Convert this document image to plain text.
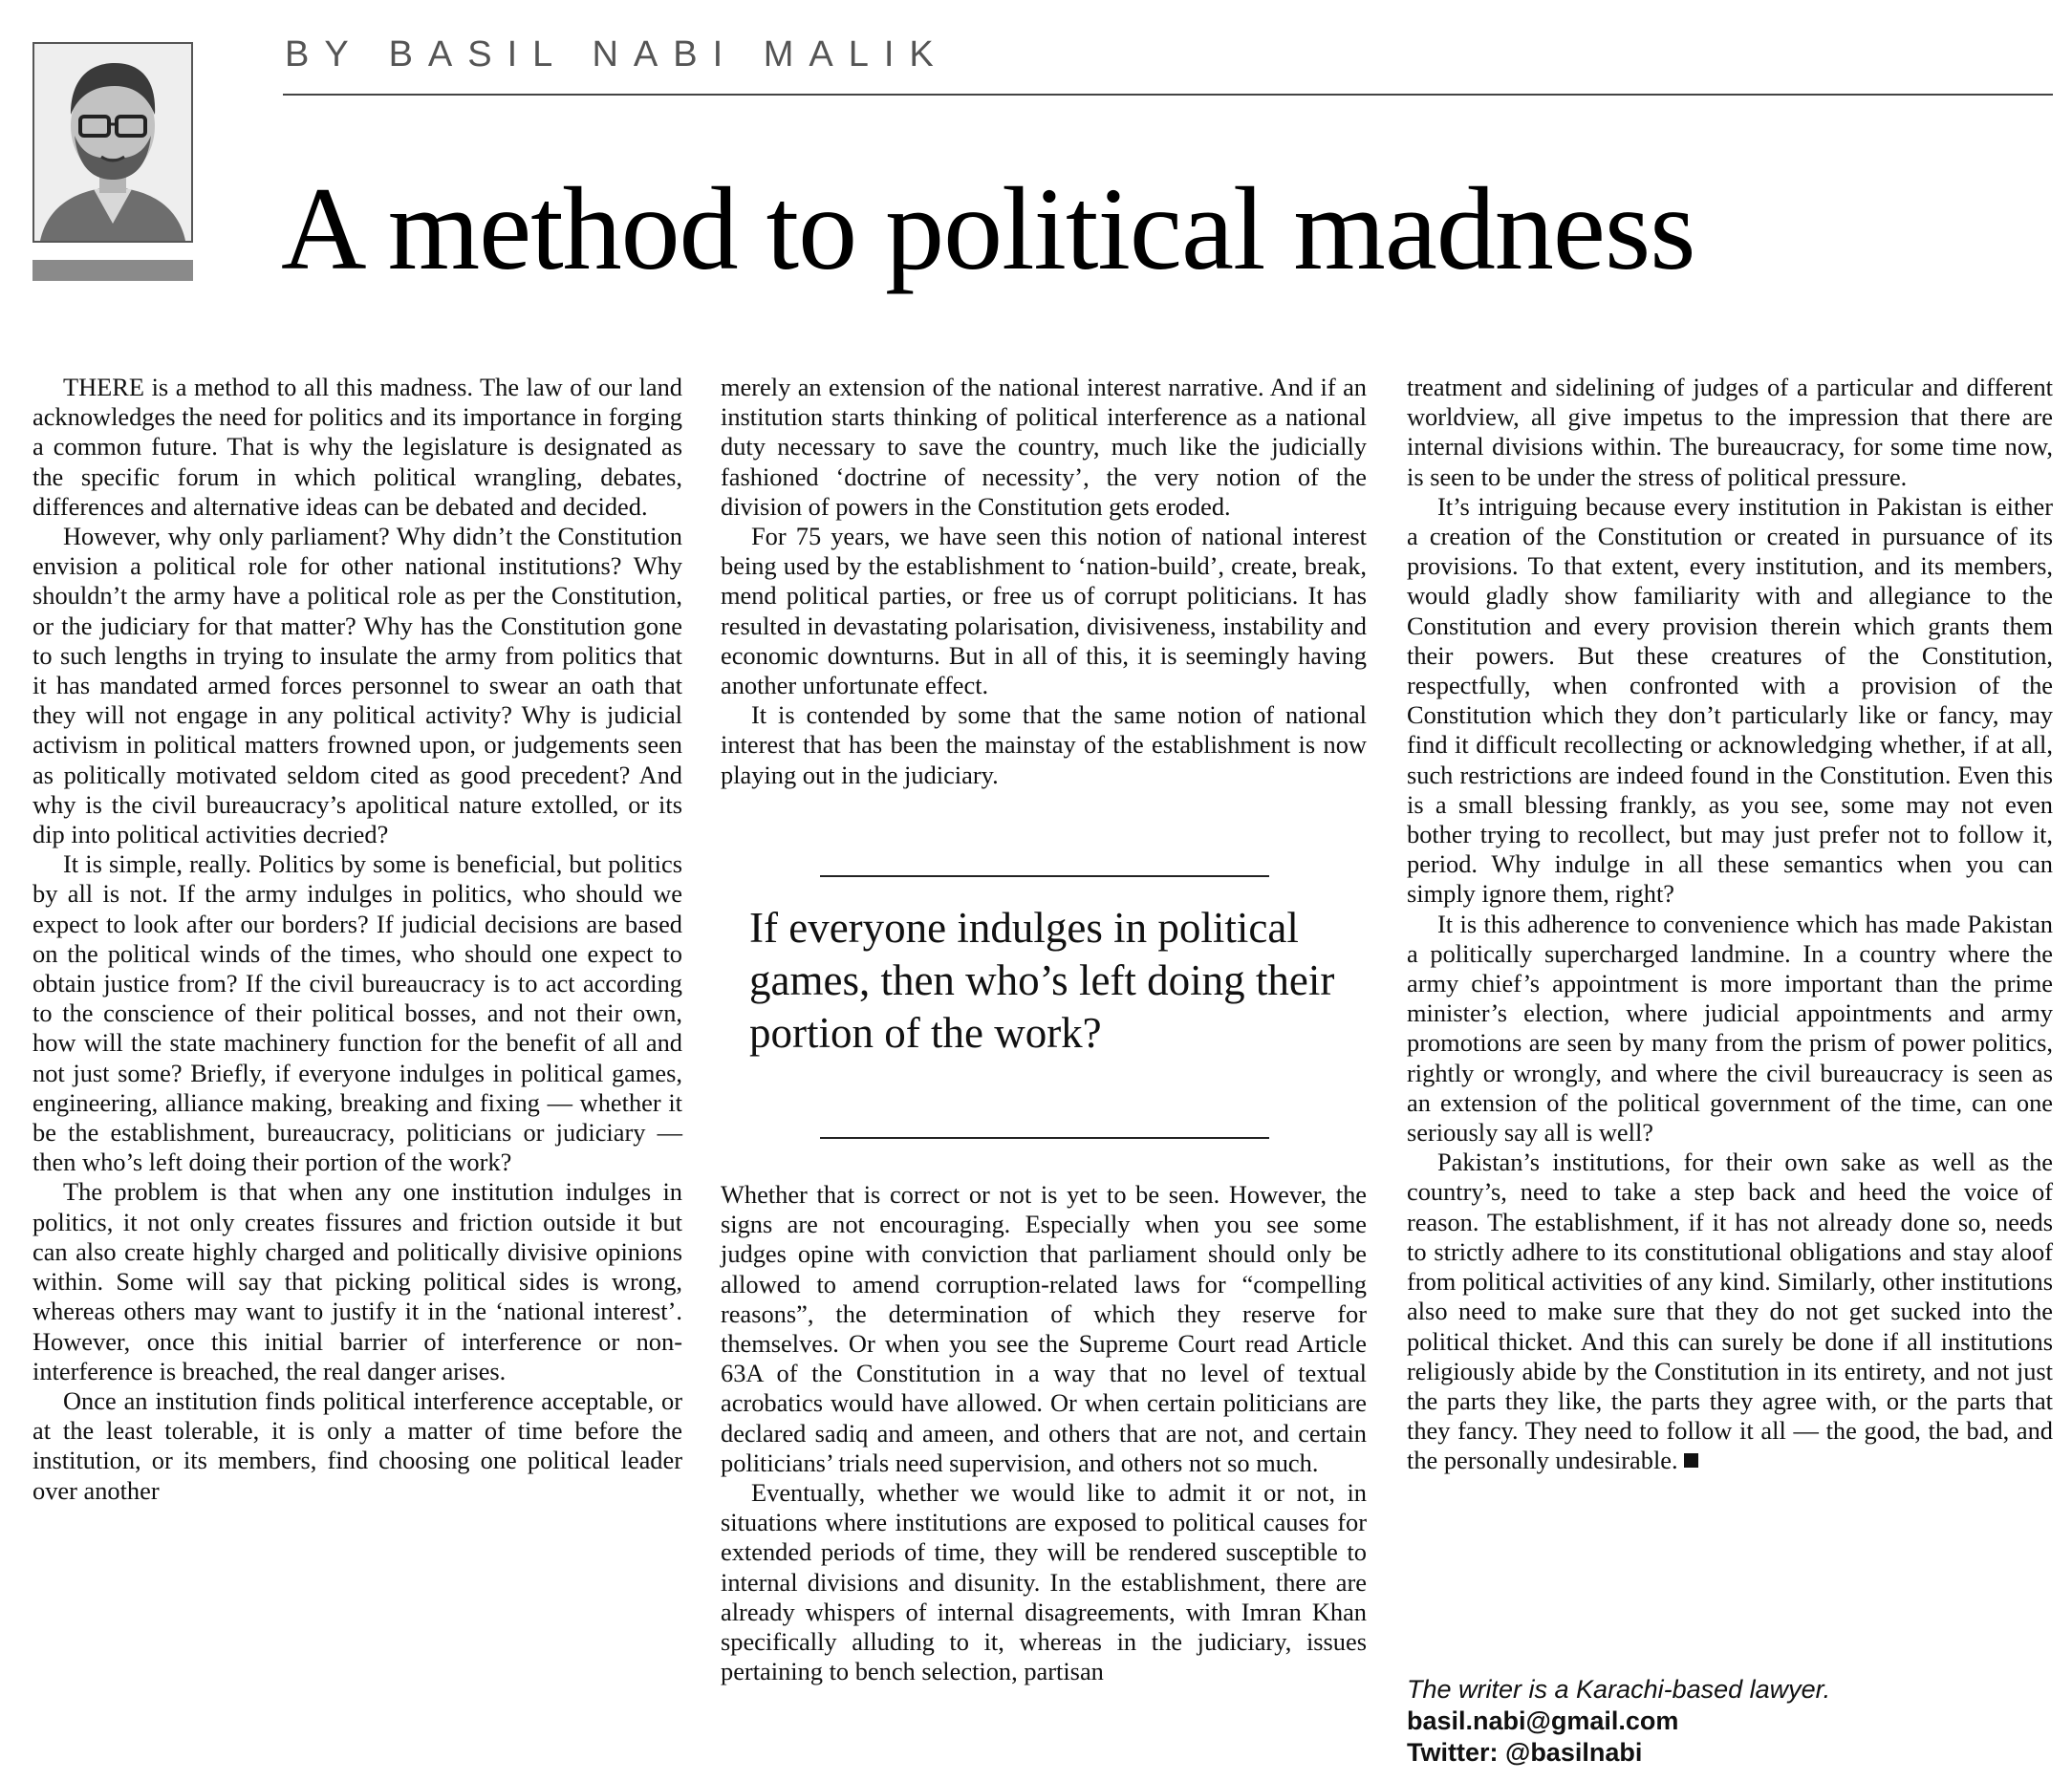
BY BASIL NABI MALIK
A method to political madness

THERE is a method to all this madness. The law of our land acknowledges the need for politics and its importance in forging a common future. That is why the legislature is designated as the specific forum in which political wrangling, debates, differences and alternative ideas can be debated and decided.

However, why only parliament? Why didn’t the Constitution envision a political role for other national institutions? Why shouldn’t the army have a political role as per the Constitution, or the judiciary for that matter? Why has the Constitution gone to such lengths in trying to insulate the army from politics that it has mandated armed forces personnel to swear an oath that they will not engage in any political activity? Why is judicial activism in political matters frowned upon, or judgements seen as politically motivated seldom cited as good precedent? And why is the civil bureaucracy’s apolitical nature extolled, or its dip into political activities decried?

It is simple, really. Politics by some is beneficial, but politics by all is not. If the army indulges in politics, who should we expect to look after our borders? If judicial decisions are based on the political winds of the times, who should one expect to obtain justice from? If the civil bureaucracy is to act according to the conscience of their political bosses, and not their own, how will the state machinery function for the benefit of all and not just some? Briefly, if everyone indulges in political games, engineering, alliance making, breaking and fixing — whether it be the establishment, bureaucracy, politicians or judiciary — then who’s left doing their portion of the work?

The problem is that when any one institution indulges in politics, it not only creates fissures and friction outside it but can also create highly charged and politically divisive opinions within. Some will say that picking political sides is wrong, whereas others may want to justify it in the ‘national interest’. However, once this initial barrier of interference or non-interference is breached, the real danger arises.

Once an institution finds political interference acceptable, or at the least tolerable, it is only a matter of time before the institution, or its members, find choosing one political leader over another

merely an extension of the national interest narrative. And if an institution starts thinking of political interference as a national duty necessary to save the country, much like the judicially fashioned ‘doctrine of necessity’, the very notion of the division of powers in the Constitution gets eroded.

For 75 years, we have seen this notion of national interest being used by the establishment to ‘nation-build’, create, break, mend political parties, or free us of corrupt politicians. It has resulted in devastating polarisation, divisiveness, instability and economic downturns. But in all of this, it is seemingly having another unfortunate effect.

It is contended by some that the same notion of national interest that has been the mainstay of the establishment is now playing out in the judiciary.

If everyone indulges in political games, then who’s left doing their portion of the work?

Whether that is correct or not is yet to be seen. However, the signs are not encouraging. Especially when you see some judges opine with conviction that parliament should only be allowed to amend corruption-related laws for “compelling reasons”, the determination of which they reserve for themselves. Or when you see the Supreme Court read Article 63A of the Constitution in a way that no level of textual acrobatics would have allowed. Or when certain politicians are declared sadiq and ameen, and others that are not, and certain politicians’ trials need supervision, and others not so much.

Eventually, whether we would like to admit it or not, in situations where institutions are exposed to political causes for extended periods of time, they will be rendered susceptible to internal divisions and disunity. In the establishment, there are already whispers of internal disagreements, with Imran Khan specifically alluding to it, whereas in the judiciary, issues pertaining to bench selection, partisan

treatment and sidelining of judges of a particular and different worldview, all give impetus to the impression that there are internal divisions within. The bureaucracy, for some time now, is seen to be under the stress of political pressure.

It’s intriguing because every institution in Pakistan is either a creation of the Constitution or created in pursuance of its provisions. To that extent, every institution, and its members, would gladly show familiarity with and allegiance to the Constitution and every provision therein which grants them their powers. But these creatures of the Constitution, respectfully, when confronted with a provision of the Constitution which they don’t particularly like or fancy, may find it difficult recollecting or acknowledging whether, if at all, such restrictions are indeed found in the Constitution. Even this is a small blessing frankly, as you see, some may not even bother trying to recollect, but may just prefer not to follow it, period. Why indulge in all these semantics when you can simply ignore them, right?

It is this adherence to convenience which has made Pakistan a politically supercharged landmine. In a country where the army chief’s appointment is more important than the prime minister’s election, where judicial appointments and army promotions are seen by many from the prism of power politics, rightly or wrongly, and where the civil bureaucracy is seen as an extension of the political government of the time, can one seriously say all is well?

Pakistan’s institutions, for their own sake as well as the country’s, need to take a step back and heed the voice of reason. The establishment, if it has not already done so, needs to strictly adhere to its constitutional obligations and stay aloof from political activities of any kind. Similarly, other institutions also need to make sure that they do not get sucked into the political thicket. And this can surely be done if all institutions religiously abide by the Constitution in its entirety, and not just the parts they like, the parts they agree with, or the parts that they fancy. They need to follow it all — the good, the bad, and the personally undesirable.

The writer is a Karachi-based lawyer.
basil.nabi@gmail.com
Twitter: @basilnabi
